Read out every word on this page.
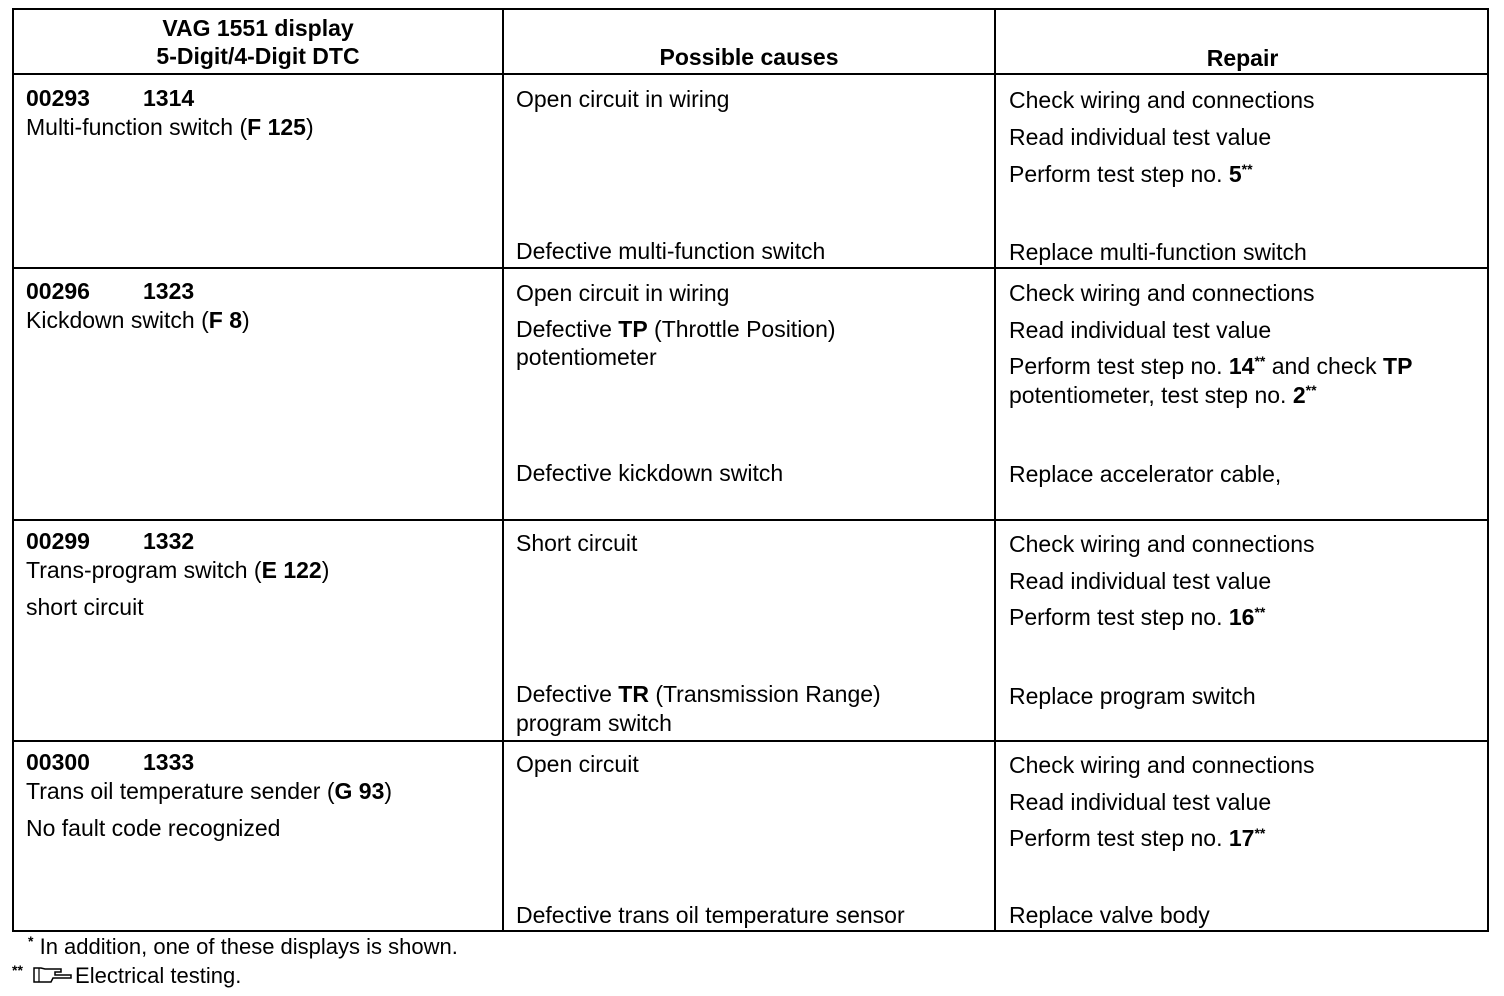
VAG 1551 display
5-Digit/4-Digit DTC	Possible causes	Repair
00293 1314
Multi-function switch (F 125)
Open circuit in wiring
Defective multi-function switch
Check wiring and connections
Read individual test value
Perform test step no. 5**
Replace multi-function switch
00296 1323
Kickdown switch (F 8)
Open circuit in wiring
Defective TP (Throttle Position)
potentiometer
Defective kickdown switch
Check wiring and connections
Read individual test value
Perform test step no. 14** and check TP
potentiometer, test step no. 2**
Replace accelerator cable,
00299 1332
Trans-program switch (E 122)
short circuit
Short circuit
Defective TR (Transmission Range)
program switch
Check wiring and connections
Read individual test value
Perform test step no. 16**
Replace program switch
00300 1333
Trans oil temperature sender (G 93)
No fault code recognized
Open circuit
Defective trans oil temperature sensor
Check wiring and connections
Read individual test value
Perform test step no. 17**
Replace valve body
* In addition, one of these displays is shown.
** Electrical testing.
